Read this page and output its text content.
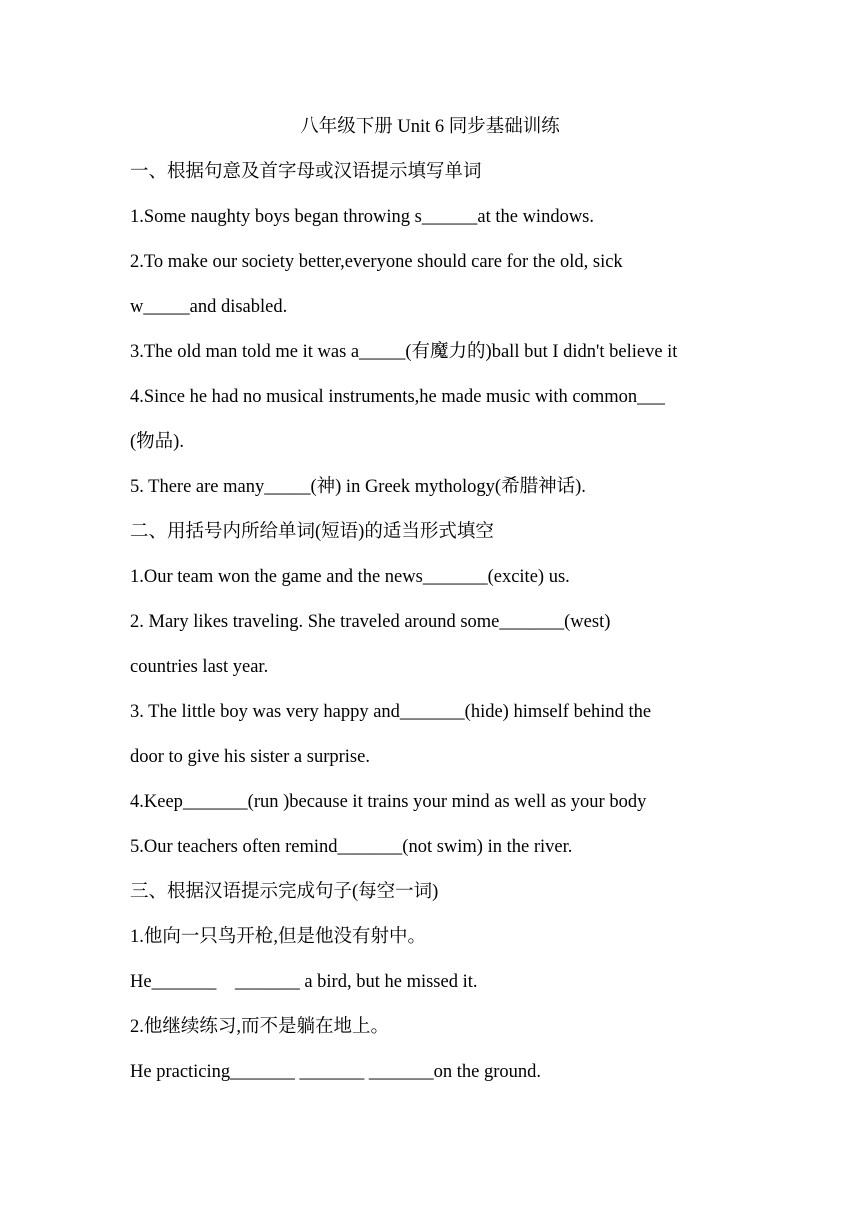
八年级下册 Unit 6 同步基础训练
一、根据句意及首字母或汉语提示填写单词
1.Some naughty boys began throwing s______at the windows.
2.To make our society better,everyone should care for the old, sick
w_____and disabled.
3.The old man told me it was a_____(有魔力的)ball but I didn't believe it
4.Since he had no musical instruments,he made music with common___
(物品).
5. There are many_____(神) in Greek mythology(希腊神话).
二、用括号内所给单词(短语)的适当形式填空
1.Our team won the game and the news_______(excite) us.
2. Mary likes traveling. She traveled around some_______(west)
countries last year.
3. The little boy was very happy and_______(hide) himself behind the
door to give his sister a surprise.
4.Keep_______(run )because it trains your mind as well as your body
5.Our teachers often remind_______(not swim) in the river.
三、根据汉语提示完成句子(每空一词)
1.他向一只鸟开枪,但是他没有射中。
He_______ _______ a bird, but he missed it.
2.他继续练习,而不是躺在地上。
He practicing_______ _______ _______on the ground.
